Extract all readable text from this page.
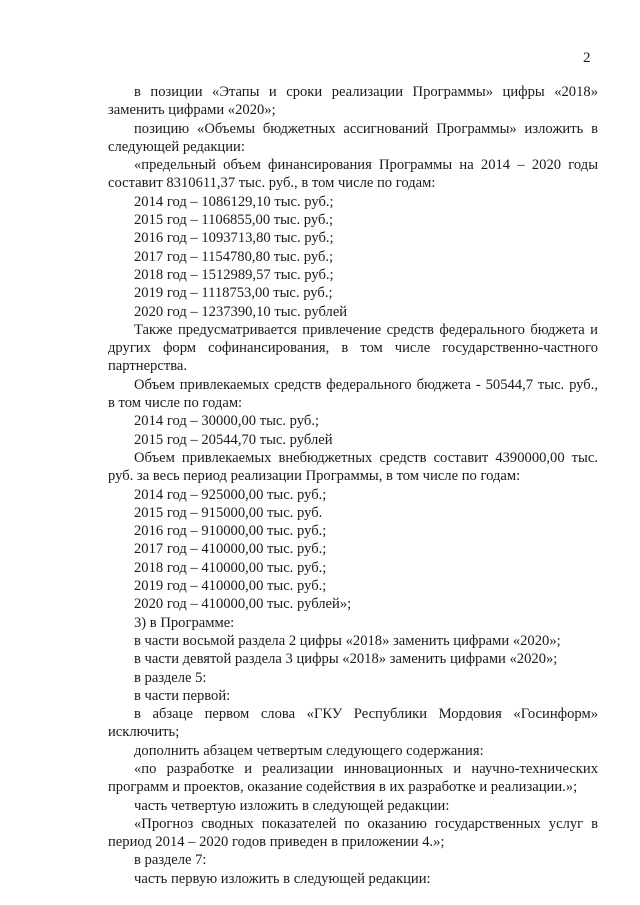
2

в позиции «Этапы и сроки реализации Программы» цифры «2018» заменить цифрами «2020»;

позицию «Объемы бюджетных ассигнований Программы» изложить в следующей редакции:

«предельный объем финансирования Программы на 2014 – 2020 годы составит 8310611,37 тыс. руб., в том числе по годам:

2014 год – 1086129,10 тыс. руб.;

2015 год – 1106855,00 тыс. руб.;

2016 год – 1093713,80 тыс. руб.;

2017 год – 1154780,80 тыс. руб.;

2018 год – 1512989,57 тыс. руб.;

2019 год – 1118753,00 тыс. руб.;

2020 год – 1237390,10 тыс. рублей

Также предусматривается привлечение средств федерального бюджета и других форм софинансирования, в том числе государственно-частного партнерства.

Объем привлекаемых средств федерального бюджета - 50544,7 тыс. руб., в том числе по годам:

2014 год – 30000,00 тыс. руб.;

2015 год – 20544,70 тыс. рублей

Объем привлекаемых внебюджетных средств составит 4390000,00 тыс. руб. за весь период реализации Программы, в том числе по годам:

2014 год – 925000,00 тыс. руб.;

2015 год – 915000,00 тыс. руб.

2016 год – 910000,00 тыс. руб.;

2017 год – 410000,00 тыс. руб.;

2018 год – 410000,00 тыс. руб.;

2019 год – 410000,00 тыс. руб.;

2020 год – 410000,00 тыс. рублей»;

3) в Программе:

в части восьмой раздела 2 цифры «2018» заменить цифрами «2020»;

в части девятой раздела 3 цифры «2018» заменить цифрами «2020»;

в разделе 5:

в части первой:

в абзаце первом слова «ГКУ Республики Мордовия «Госинформ» исключить;

дополнить абзацем четвертым следующего содержания:

«по разработке и реализации инновационных и научно-технических программ и проектов, оказание содействия в их разработке и реализации.»;

часть четвертую изложить в следующей редакции:

«Прогноз сводных показателей по оказанию государственных услуг в период 2014 – 2020 годов приведен в приложении 4.»;

в разделе 7:

часть первую изложить в следующей редакции:
